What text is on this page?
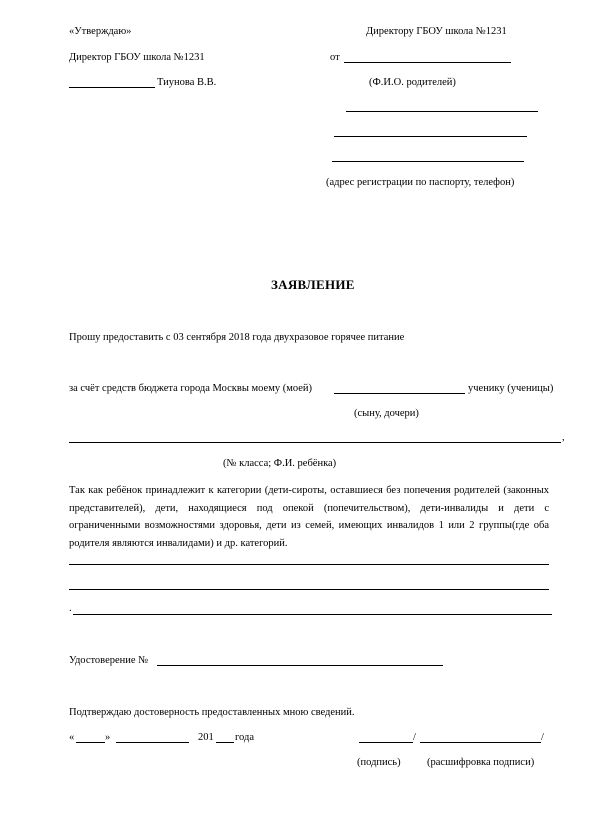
«Утверждаю»
Директор ГБОУ школа №1231
Тиунова В.В.
Директору ГБОУ школа №1231
от
(Ф.И.О. родителей)
(адрес регистрации по паспорту, телефон)
ЗАЯВЛЕНИЕ
Прошу предоставить с 03 сентября 2018 года двухразовое горячее питание
за счёт средств бюджета города Москвы моему (моей)	ученику (ученицы)
(сыну, дочери)
,
(№ класса; Ф.И. ребёнка)
Так как ребёнок принадлежит к категории (дети-сироты, оставшиеся без попечения родителей (законных представителей), дети, находящиеся под опекой (попечительством), дети-инвалиды и дети с ограниченными возможностями здоровья, дети из семей, имеющих инвалидов 1 или 2 группы(где оба родителя являются инвалидами) и др. категорий.
.
Удостоверение №
Подтверждаю достоверность предоставленных мною сведений.
«	»	201 года	/	/
(подпись)	(расшифровка подписи)
